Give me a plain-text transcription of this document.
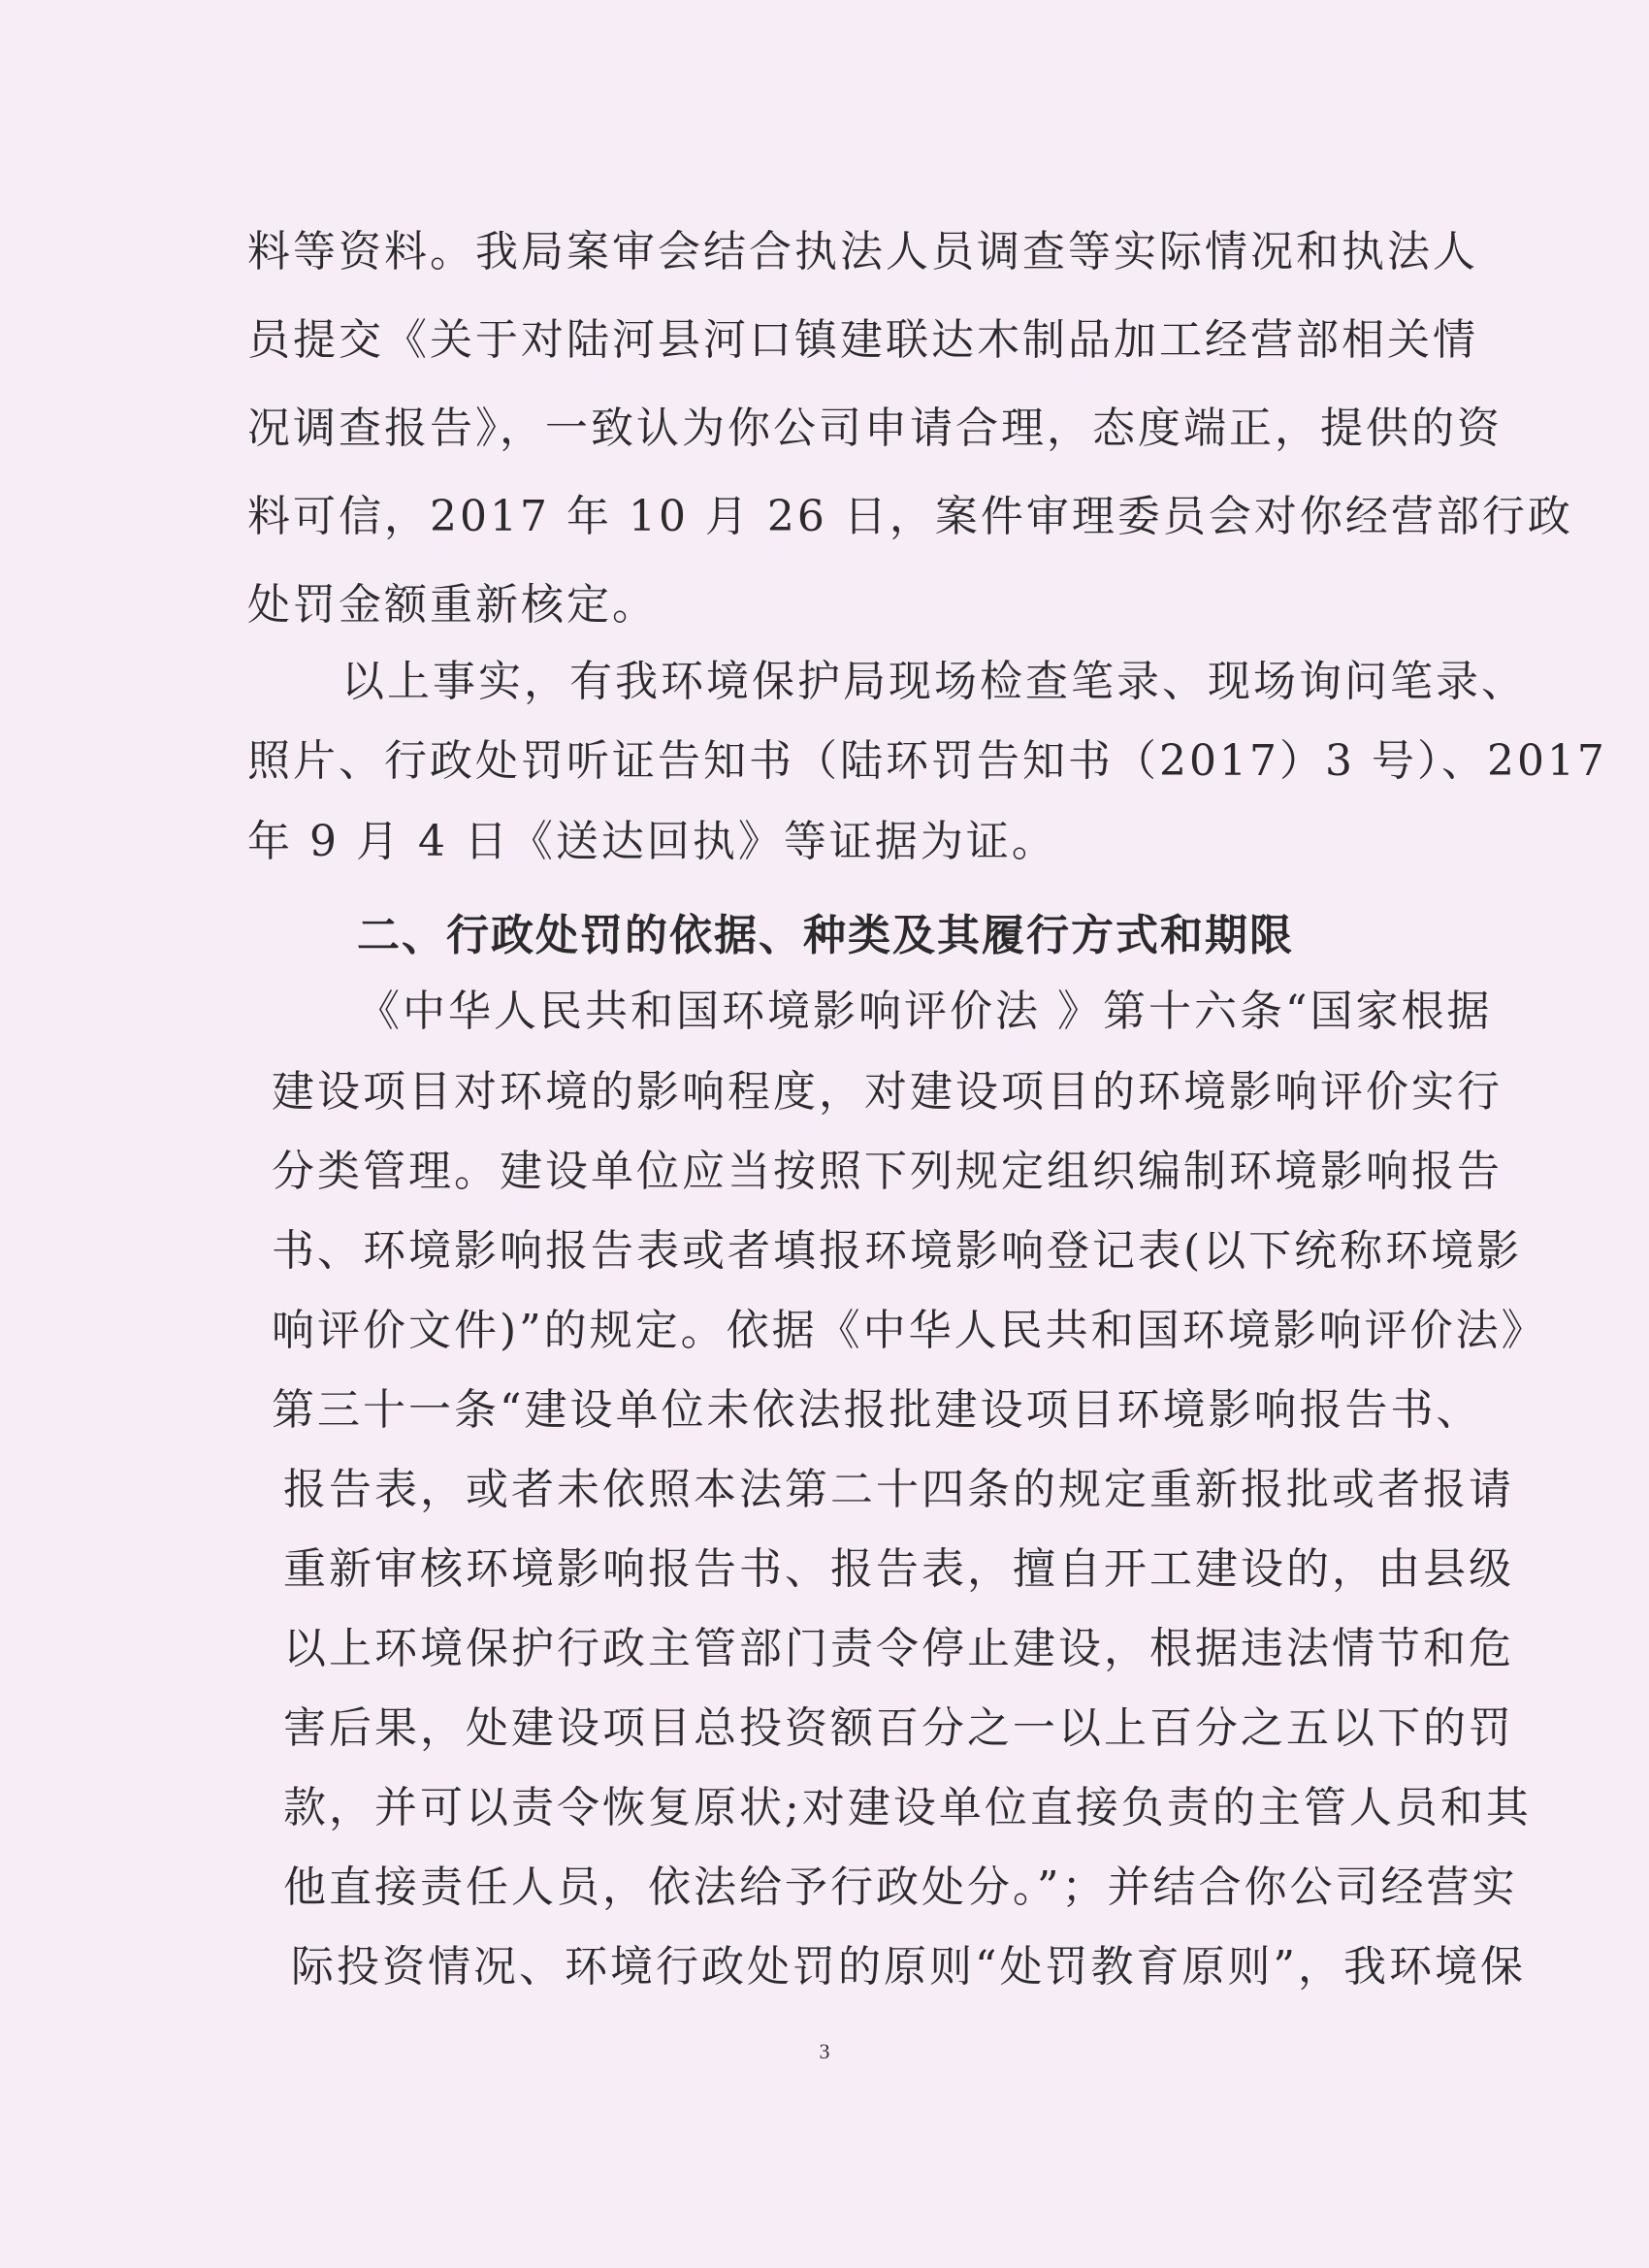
料等资料。我局案审会结合执法人员调查等实际情况和执法人
员提交《关于对陆河县河口镇建联达木制品加工经营部相关情
况调查报告》，一致认为你公司申请合理，态度端正，提供的资
料可信，2017 年 10 月 26 日，案件审理委员会对你经营部行政
处罚金额重新核定。
以上事实，有我环境保护局现场检查笔录、现场询问笔录、
照片、行政处罚听证告知书（陆环罚告知书（2017）3 号）、2017
年 9 月 4 日《送达回执》等证据为证。
二、行政处罚的依据、种类及其履行方式和期限
《中华人民共和国环境影响评价法 》第十六条“国家根据
建设项目对环境的影响程度，对建设项目的环境影响评价实行
分类管理。建设单位应当按照下列规定组织编制环境影响报告
书、环境影响报告表或者填报环境影响登记表(以下统称环境影
响评价文件)”的规定。依据《中华人民共和国环境影响评价法》
第三十一条“建设单位未依法报批建设项目环境影响报告书、
报告表，或者未依照本法第二十四条的规定重新报批或者报请
重新审核环境影响报告书、报告表，擅自开工建设的，由县级
以上环境保护行政主管部门责令停止建设，根据违法情节和危
害后果，处建设项目总投资额百分之一以上百分之五以下的罚
款，并可以责令恢复原状;对建设单位直接负责的主管人员和其
他直接责任人员，依法给予行政处分。”；并结合你公司经营实
际投资情况、环境行政处罚的原则“处罚教育原则”，我环境保
3
